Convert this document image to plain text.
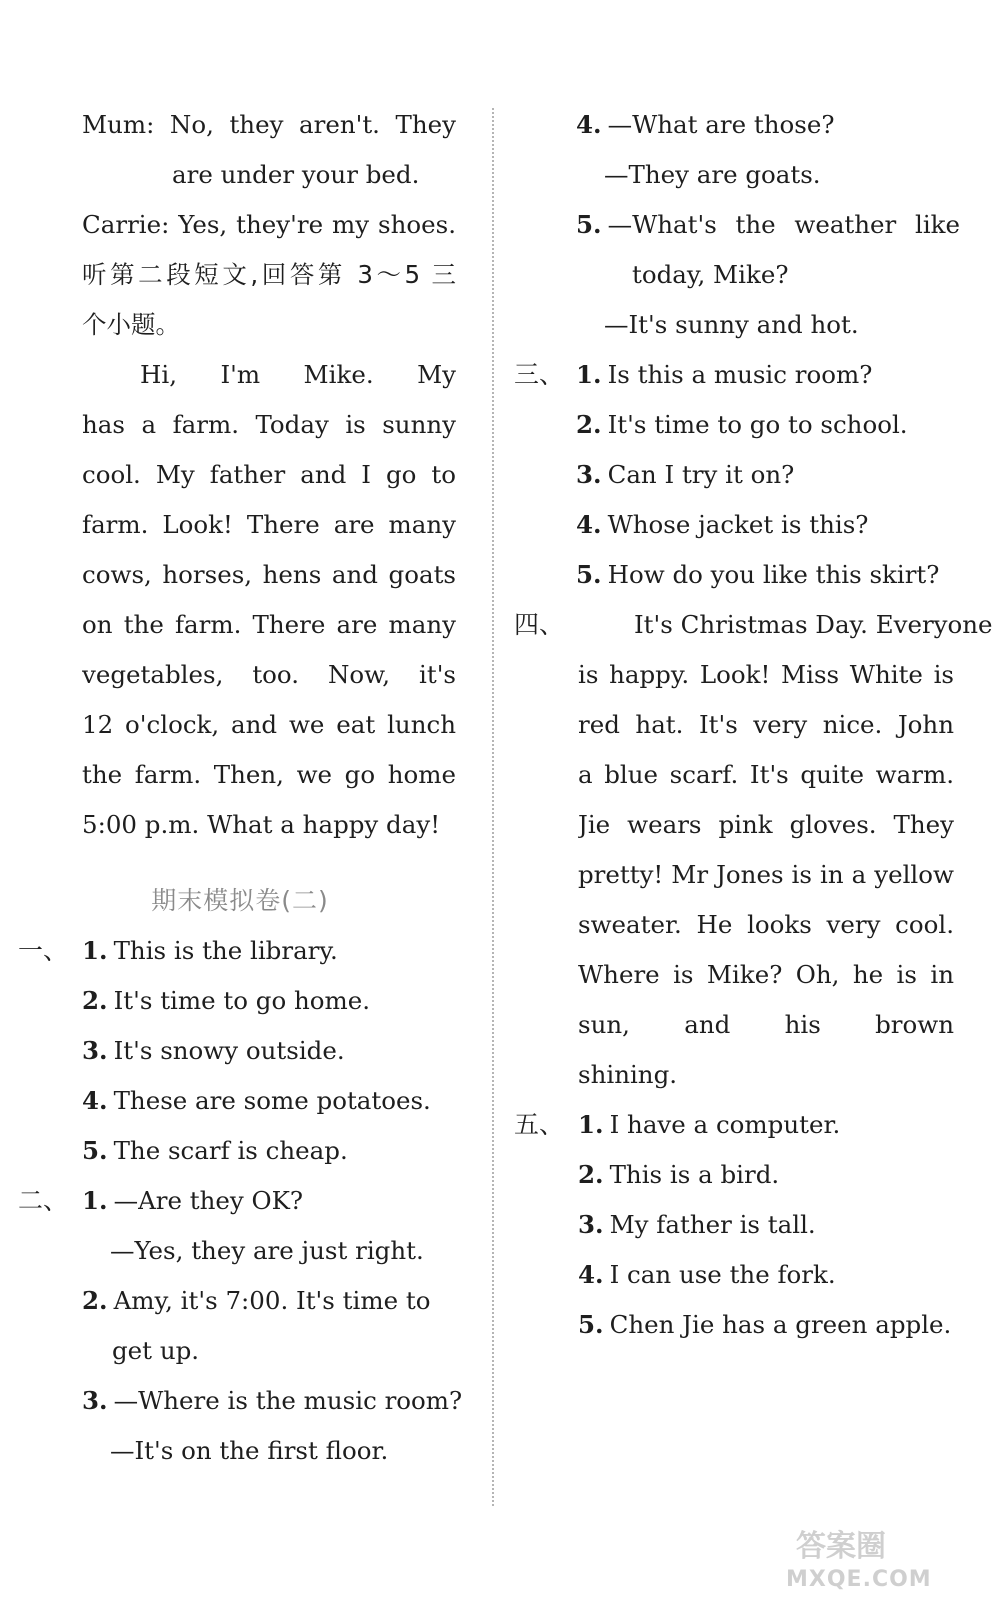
Mum: No, they aren't. They
are under your bed.
Carrie: Yes, they're my shoes.
听第二段短文,回答第 3～5 三
个小题。
Hi, I'm Mike. My
has a farm. Today is sunny
cool. My father and I go to
farm. Look! There are many
cows, horses, hens and goats
on the farm. There are many
vegetables, too. Now, it's
12 o'clock, and we eat lunch
the farm. Then, we go home
5:00 p.m. What a happy day!
期末模拟卷(二)
一、 1. This is the library.
2. It's time to go home.
3. It's snowy outside.
4. These are some potatoes.
5. The scarf is cheap.
二、 1. —Are they OK?
—Yes, they are just right.
2. Amy, it's 7:00. It's time to
get up.
3. —Where is the music room?
—It's on the first floor.
4. —What are those?
—They are goats.
5. —What's the weather like
today, Mike?
—It's sunny and hot.
三、 1. Is this a music room?
2. It's time to go to school.
3. Can I try it on?
4. Whose jacket is this?
5. How do you like this skirt?
四、	It's Christmas Day. Everyone
is happy. Look! Miss White is
red hat. It's very nice. John
a blue scarf. It's quite warm.
Jie wears pink gloves. They
pretty! Mr Jones is in a yellow
sweater. He looks very cool.
Where is Mike? Oh, he is in
sun, and his brown
shining.
五、 1. I have a computer.
2. This is a bird.
3. My father is tall.
4. I can use the fork.
5. Chen Jie has a green apple.
答案圈
MXQE.COM
